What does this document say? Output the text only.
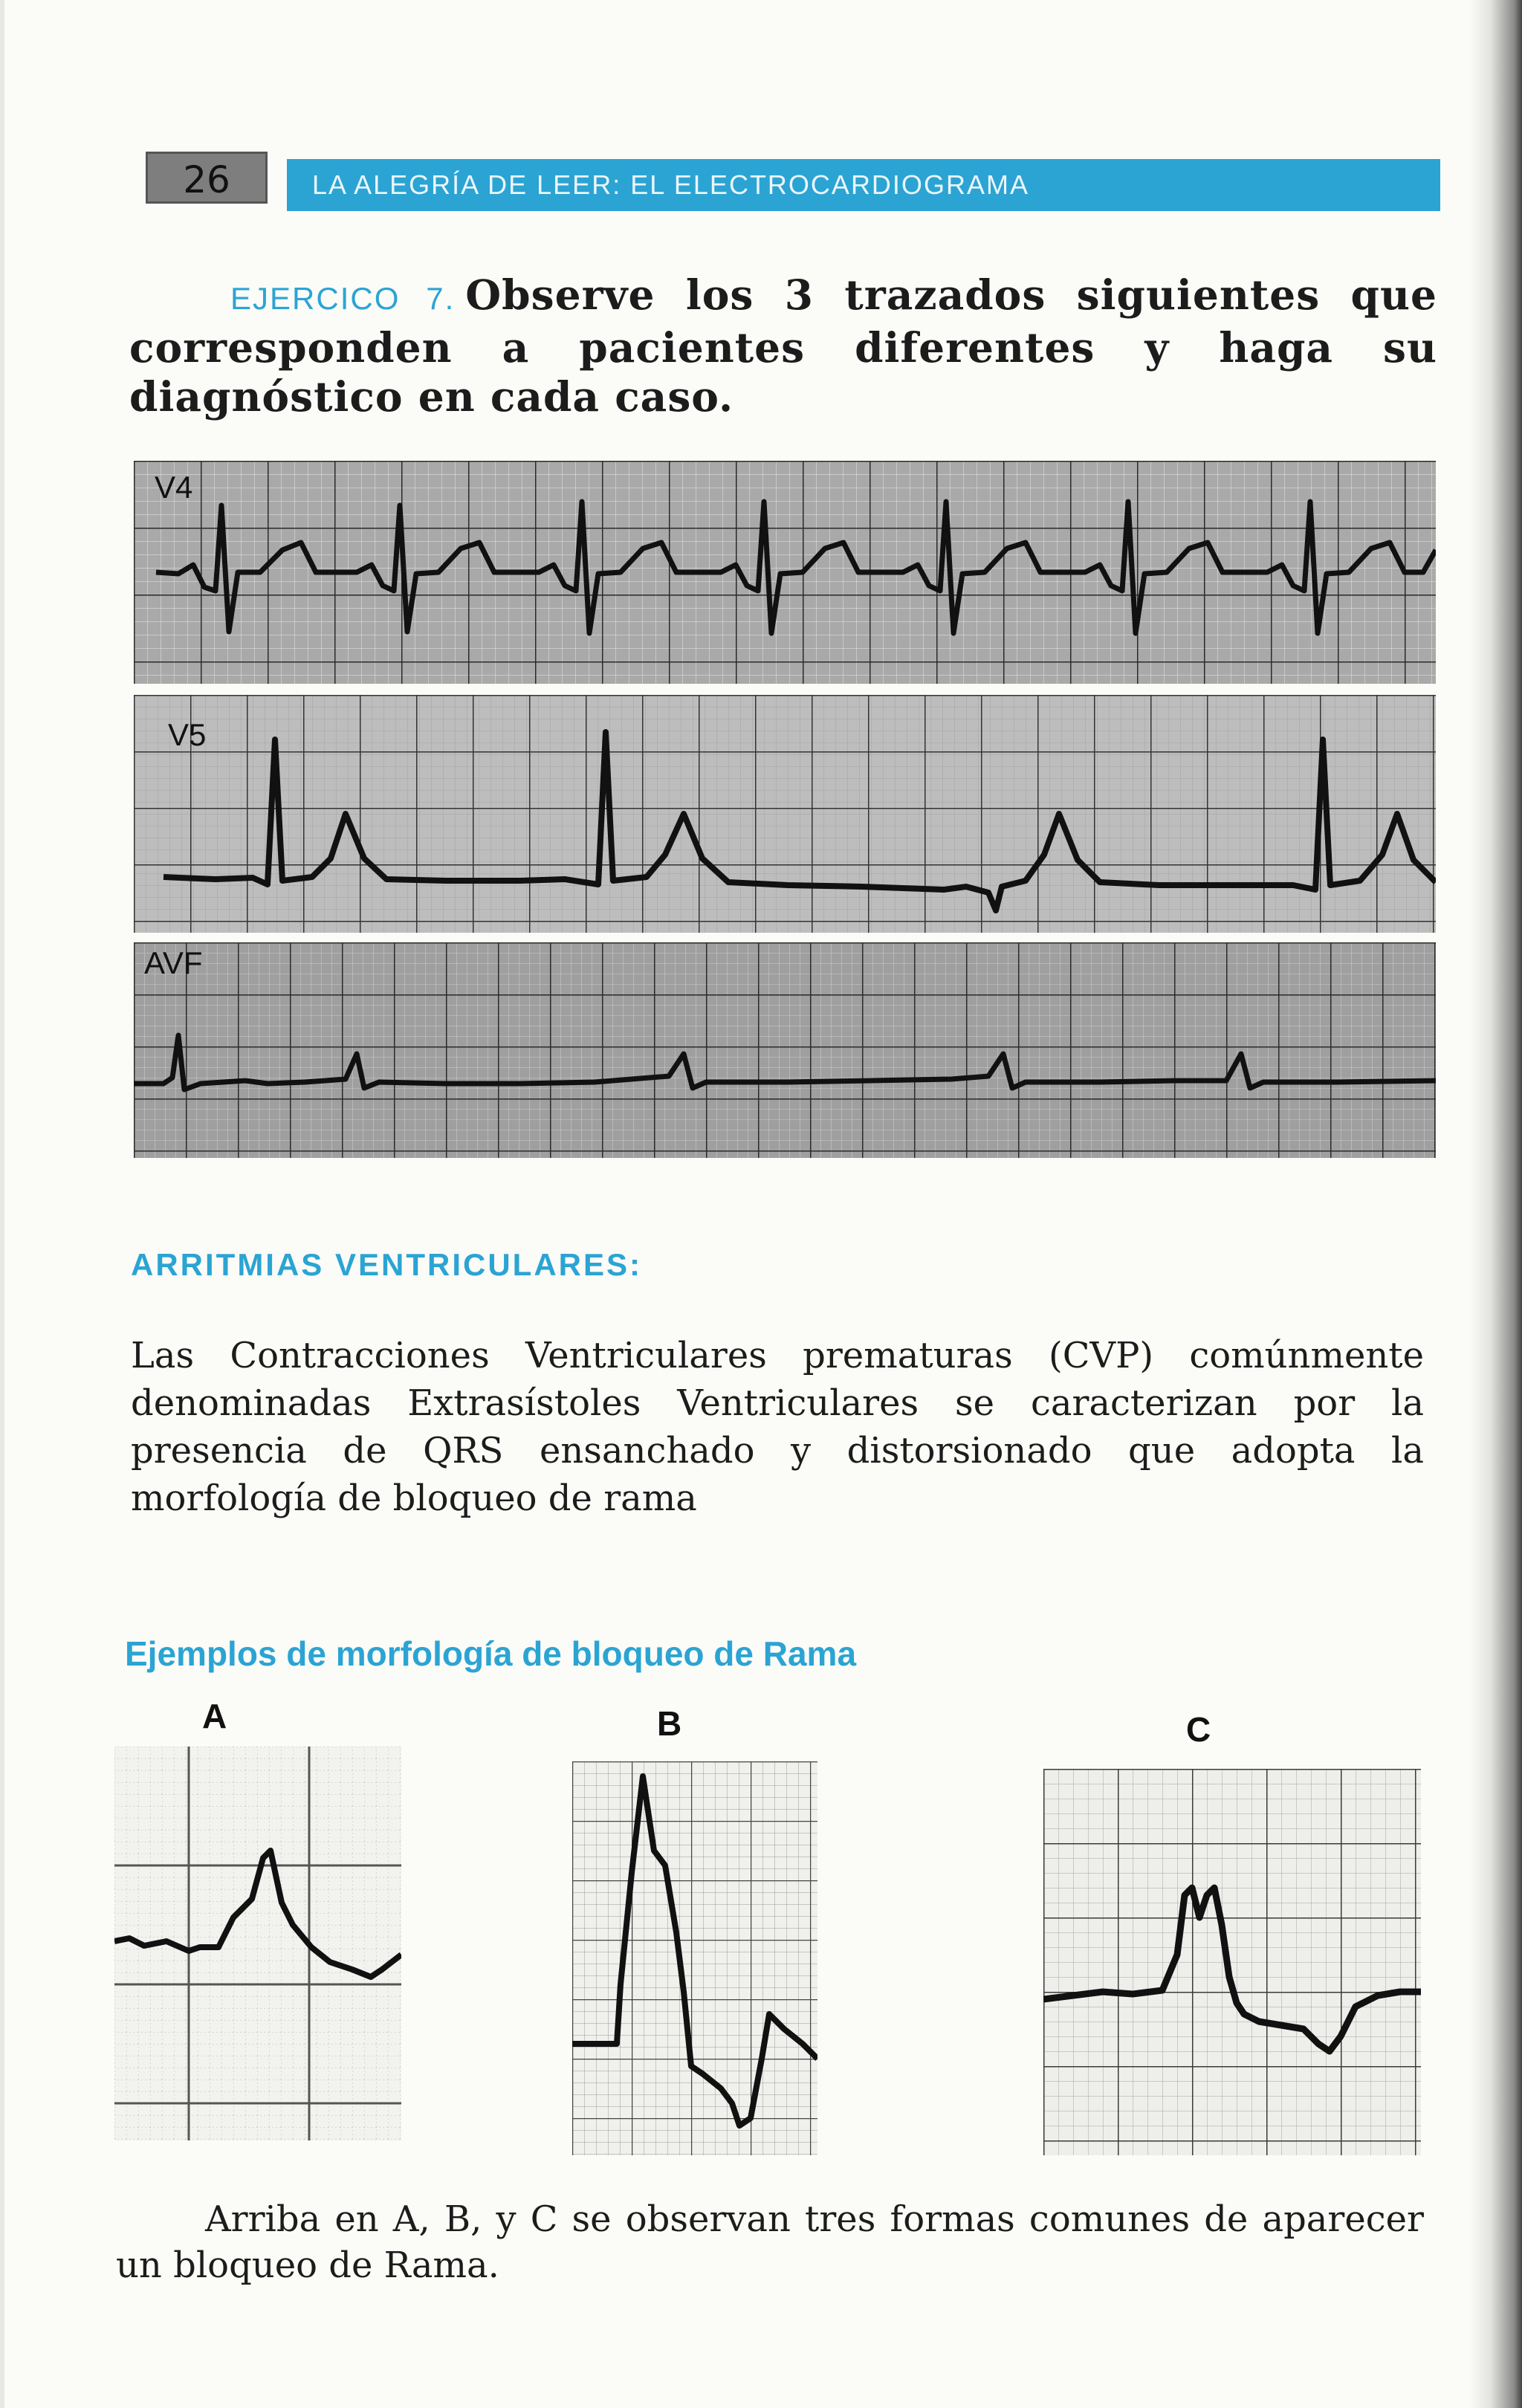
26	LA ALEGRÍA DE LEER: EL ELECTROCARDIOGRAMA
EJERCICO 7. Observe los 3 trazados siguientes que corresponden a pacientes diferentes y haga su diagnóstico en cada caso.
V4
V5
AVF
ARRITMIAS VENTRICULARES:
Las Contracciones Ventriculares prematuras (CVP) comúnmente denominadas Extrasístoles Ventriculares se caracterizan por la presencia de QRS ensanchado y distorsionado que adopta la morfología de bloqueo de rama
Ejemplos de morfología de bloqueo de Rama
A	B	C
Arriba en A, B, y C se observan tres formas comunes de aparecer un bloqueo de Rama.
